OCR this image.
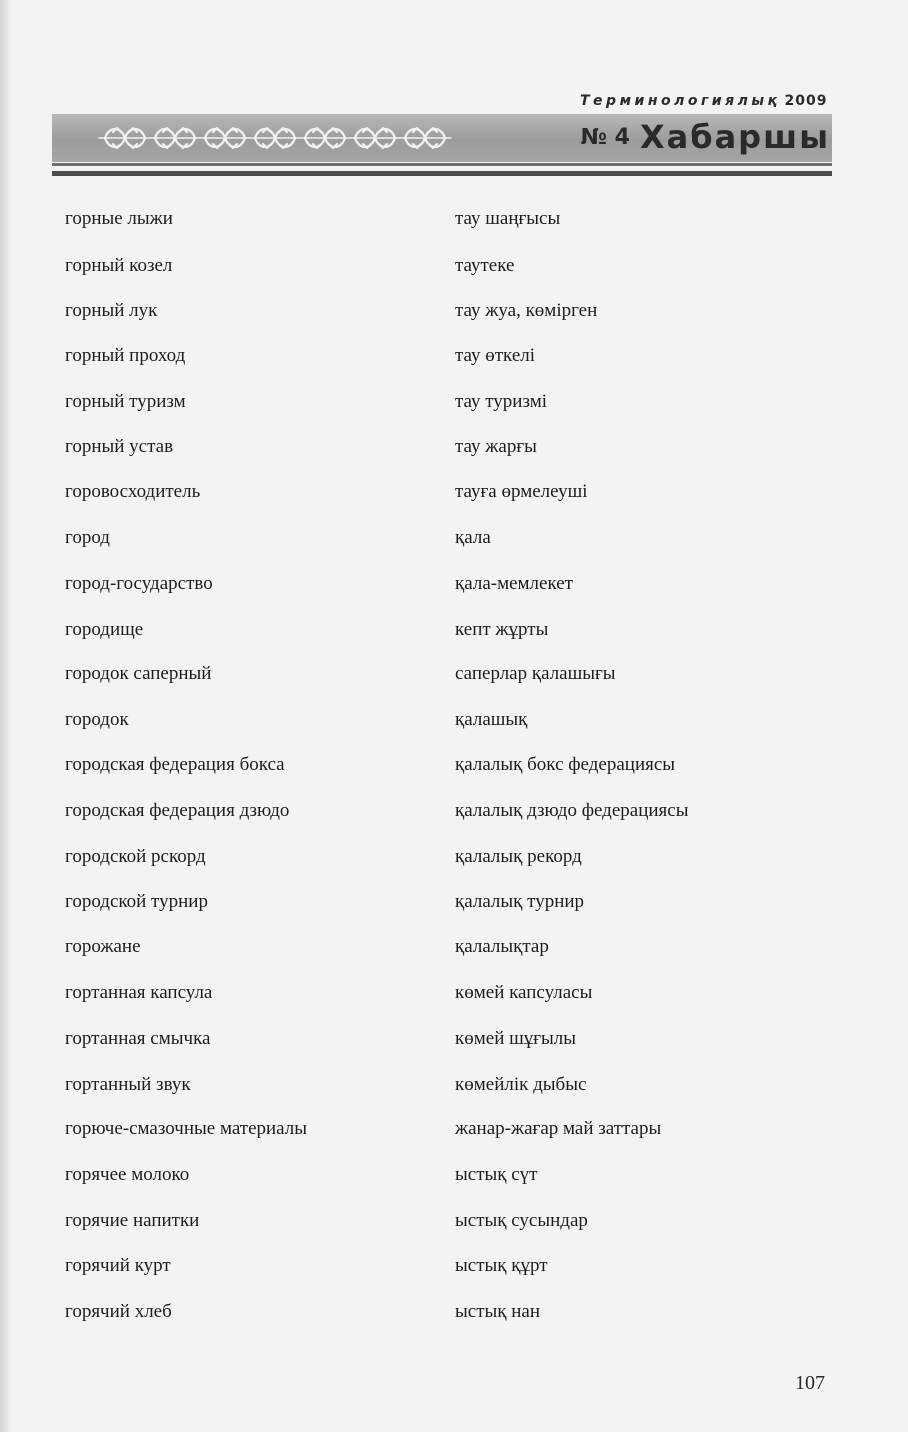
Терминологиялық 2009
№ 4 Хабаршы
горные лыжи	тау шаңғысы
горный козел	таутеке
горный лук	тау жуа, көмірген
горный проход	тау өткелі
горный туризм	тау туризмі
горный устав	тау жарғы
горовосходитель	тауға өрмелеуші
город	қала
город-государство	қала-мемлекет
городище	кепт жұрты
городок саперный	саперлар қалашығы
городок	қалашық
городская федерация бокса	қалалық бокс федерациясы
городская федерация дзюдо	қалалық дзюдо федерациясы
городской рскорд	қалалық рекорд
городской турнир	қалалық турнир
горожане	қалалықтар
гортанная капсула	көмей капсуласы
гортанная смычка	көмей шұғылы
гортанный звук	көмейлік дыбыс
горюче-смазочные материалы	жанар-жағар май заттары
горячее молоко	ыстық сүт
горячие напитки	ыстық сусындар
горячий курт	ыстық құрт
горячий хлеб	ыстық нан
107
